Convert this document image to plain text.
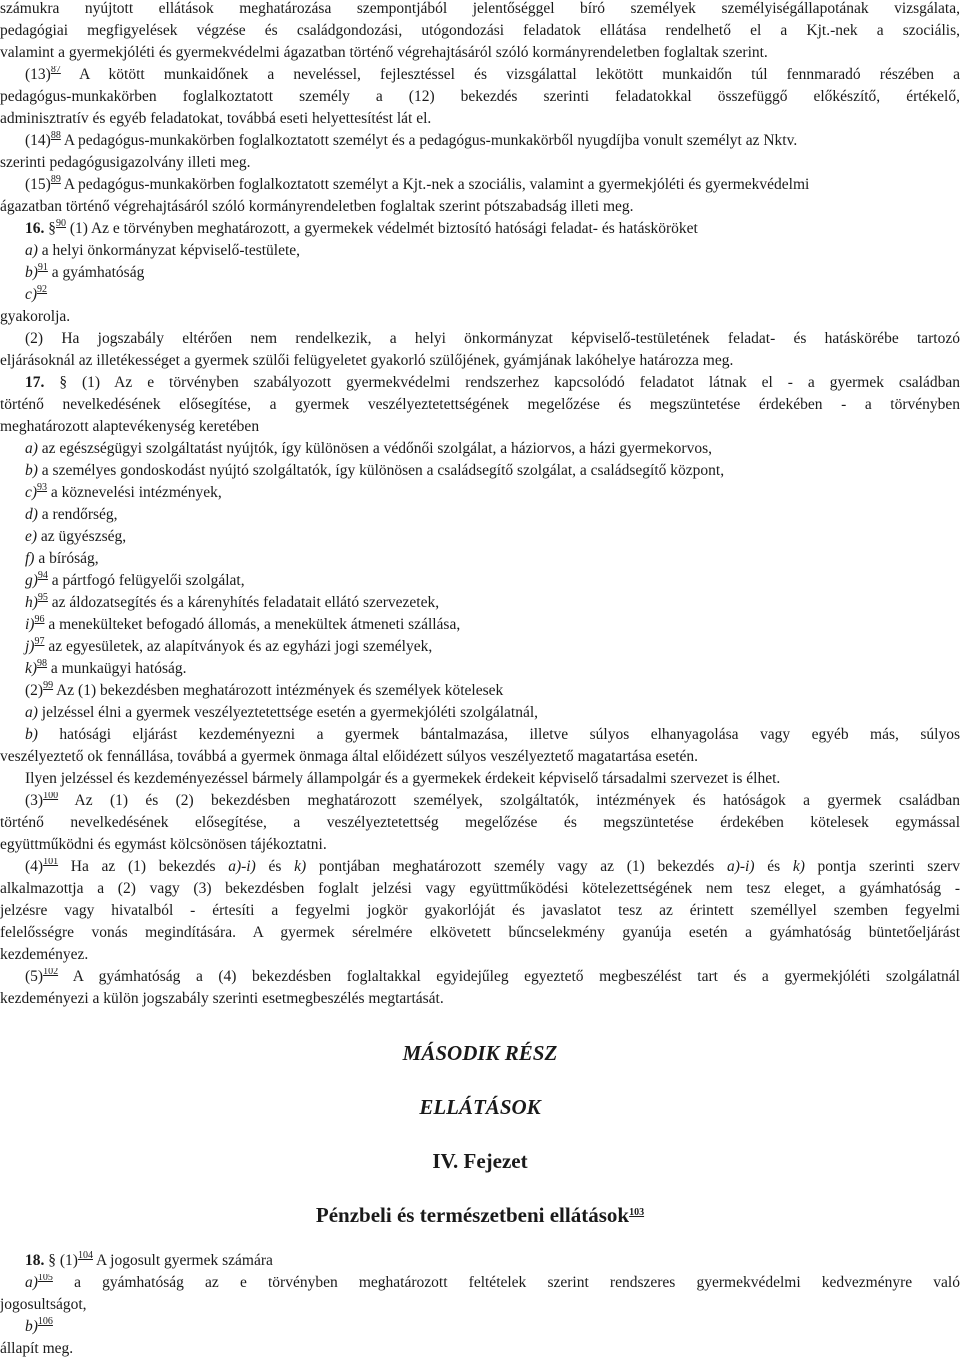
MÁSODIK RÉSZ
ELLÁTÁSOK
IV. Fejezet
Pénzbeli és természetbeni ellátások$^{103}$
számukra nyújtott ellátások meghatározása szempontjából jelentőséggel bíró személyek személyiségállapotának vizsgálata,
pedagógiai megfigyelések végzése és családgondozási, utógondozási feladatok ellátása rendelhető el a Kjt.-nek a szociális,
valamint a gyermekjóléti és gyermekvédelmi ágazatban történő végrehajtásáról szóló kormányrendeletben foglaltak szerint.
$(13)^{87}$ A kötött munkaidőnek a neveléssel, fejlesztéssel és vizsgálattal lekötött munkaidőn túl fennmaradó részében a
pedagógus-munkakörben foglalkoztatott személy a (12) bekezdés szerinti feladatokkal összefüggő előkészítő, értékelő,
adminisztratív és egyéb feladatokat, továbbá eseti helyettesítést lát el.
$(14)^{88}$ A pedagógus-munkakörben foglalkoztatott személyt és a pedagógus-munkakörből nyugdíjba vonult személyt az Nktv.
szerinti pedagógusigazolvány illeti meg.
$(15)^{89}$ A pedagógus-munkakörben foglalkoztatott személyt a Kjt.-nek a szociális, valamint a gyermekjóléti és gyermekvédelmi
ágazatban történő végrehajtásáról szóló kormányrendeletben foglaltak szerint pótszabadság illeti meg.
16. §$^{90}$ (1) Az e törvényben meghatározott, a gyermekek védelmét biztosító hatósági feladat- és hatásköröket
a) a helyi önkormányzat képviselő-testülete,
b)$^{91}$ a gyámhatóság
c)$^{92}$
gyakorolja.
(2) Ha jogszabály eltérően nem rendelkezik, a helyi önkormányzat képviselő-testületének feladat- és hatáskörébe tartozó
eljárásoknál az illetékességet a gyermek szülői felügyeletet gyakorló szülőjének, gyámjának lakóhelye határozza meg.
17. § (1) Az e törvényben szabályozott gyermekvédelmi rendszerhez kapcsolódó feladatot látnak el - a gyermek családban
történő nevelkedésének elősegítése, a gyermek veszélyeztetettségének megelőzése és megszüntetése érdekében - a törvényben
meghatározott alaptevékenység keretében
a) az egészségügyi szolgáltatást nyújtók, így különösen a védőnői szolgálat, a háziorvos, a házi gyermekorvos,
b) a személyes gondoskodást nyújtó szolgáltatók, így különösen a családsegítő szolgálat, a családsegítő központ,
c)$^{93}$ a köznevelési intézmények,
d) a rendőrség,
e) az ügyészség,
f) a bíróság,
g)$^{94}$ a pártfogó felügyelői szolgálat,
h)$^{95}$ az áldozatsegítés és a kárenyhítés feladatait ellátó szervezetek,
i)$^{96}$ a menekülteket befogadó állomás, a menekültek átmeneti szállása,
j)$^{97}$ az egyesületek, az alapítványok és az egyházi jogi személyek,
k)$^{98}$ a munkaügyi hatóság.
$(2)^{99}$ Az (1) bekezdésben meghatározott intézmények és személyek kötelesek
a) jelzéssel élni a gyermek veszélyeztetettsége esetén a gyermekjóléti szolgálatnál,
b) hatósági eljárást kezdeményezni a gyermek bántalmazása, illetve súlyos elhanyagolása vagy egyéb más, súlyos
veszélyeztető ok fennállása, továbbá a gyermek önmaga által előidézett súlyos veszélyeztető magatartása esetén.
Ilyen jelzéssel és kezdeményezéssel bármely állampolgár és a gyermekek érdekeit képviselő társadalmi szervezet is élhet.
$(3)^{100}$ Az (1) és (2) bekezdésben meghatározott személyek, szolgáltatók, intézmények és hatóságok a gyermek családban
történő nevelkedésének elősegítése, a veszélyeztetettség megelőzése és megszüntetése érdekében kötelesek egymással
együttműködni és egymást kölcsönösen tájékoztatni.
$(4)^{101}$ Ha az (1) bekezdés a)-i) és k) pontjában meghatározott személy vagy az (1) bekezdés a)-i) és k) pontja szerinti szerv
alkalmazottja a (2) vagy (3) bekezdésben foglalt jelzési vagy együttműködési kötelezettségének nem tesz eleget, a gyámhatóság -
jelzésre vagy hivatalból - értesíti a fegyelmi jogkör gyakorlóját és javaslatot tesz az érintett személlyel szemben fegyelmi
felelősségre vonás megindítására. A gyermek sérelmére elkövetett bűncselekmény gyanúja esetén a gyámhatóság büntetőeljárást
kezdeményez.
$(5)^{102}$ A gyámhatóság a (4) bekezdésben foglaltakkal egyidejűleg egyeztető megbeszélést tart és a gyermekjóléti szolgálatnál
kezdeményezi a külön jogszabály szerinti esetmegbeszélés megtartását.
18. § $(1)^{104}$ A jogosult gyermek számára
a)$^{105}$ a gyámhatóság az e törvényben meghatározott feltételek szerint rendszeres gyermekvédelmi kedvezményre való
jogosultságot,
b)$^{106}$
állapít meg.
